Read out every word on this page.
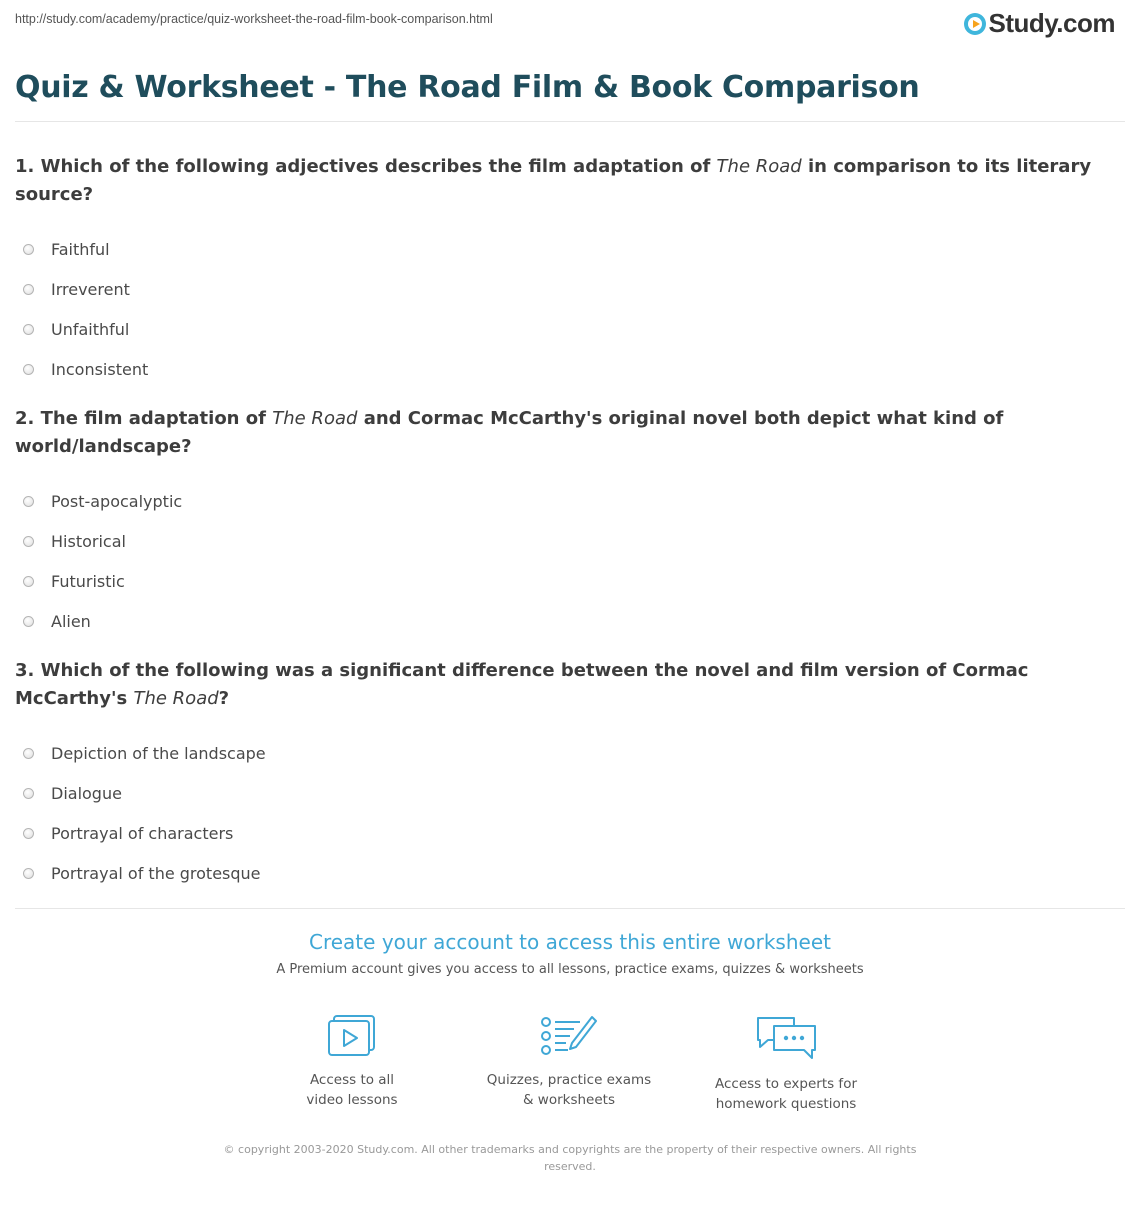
http://study.com/academy/practice/quiz-worksheet-the-road-film-book-comparison.html	Study.com
Quiz & Worksheet - The Road Film & Book Comparison
1. Which of the following adjectives describes the film adaptation of The Road in comparison to its literary source?
Faithful
Irreverent
Unfaithful
Inconsistent
2. The film adaptation of The Road and Cormac McCarthy's original novel both depict what kind of world/landscape?
Post-apocalyptic
Historical
Futuristic
Alien
3. Which of the following was a significant difference between the novel and film version of Cormac McCarthy's The Road?
Depiction of the landscape
Dialogue
Portrayal of characters
Portrayal of the grotesque
Create your account to access this entire worksheet
A Premium account gives you access to all lessons, practice exams, quizzes & worksheets
Access to all
video lessons
Quizzes, practice exams
& worksheets
Access to experts for
homework questions
© copyright 2003-2020 Study.com. All other trademarks and copyrights are the property of their respective owners. All rights reserved.
